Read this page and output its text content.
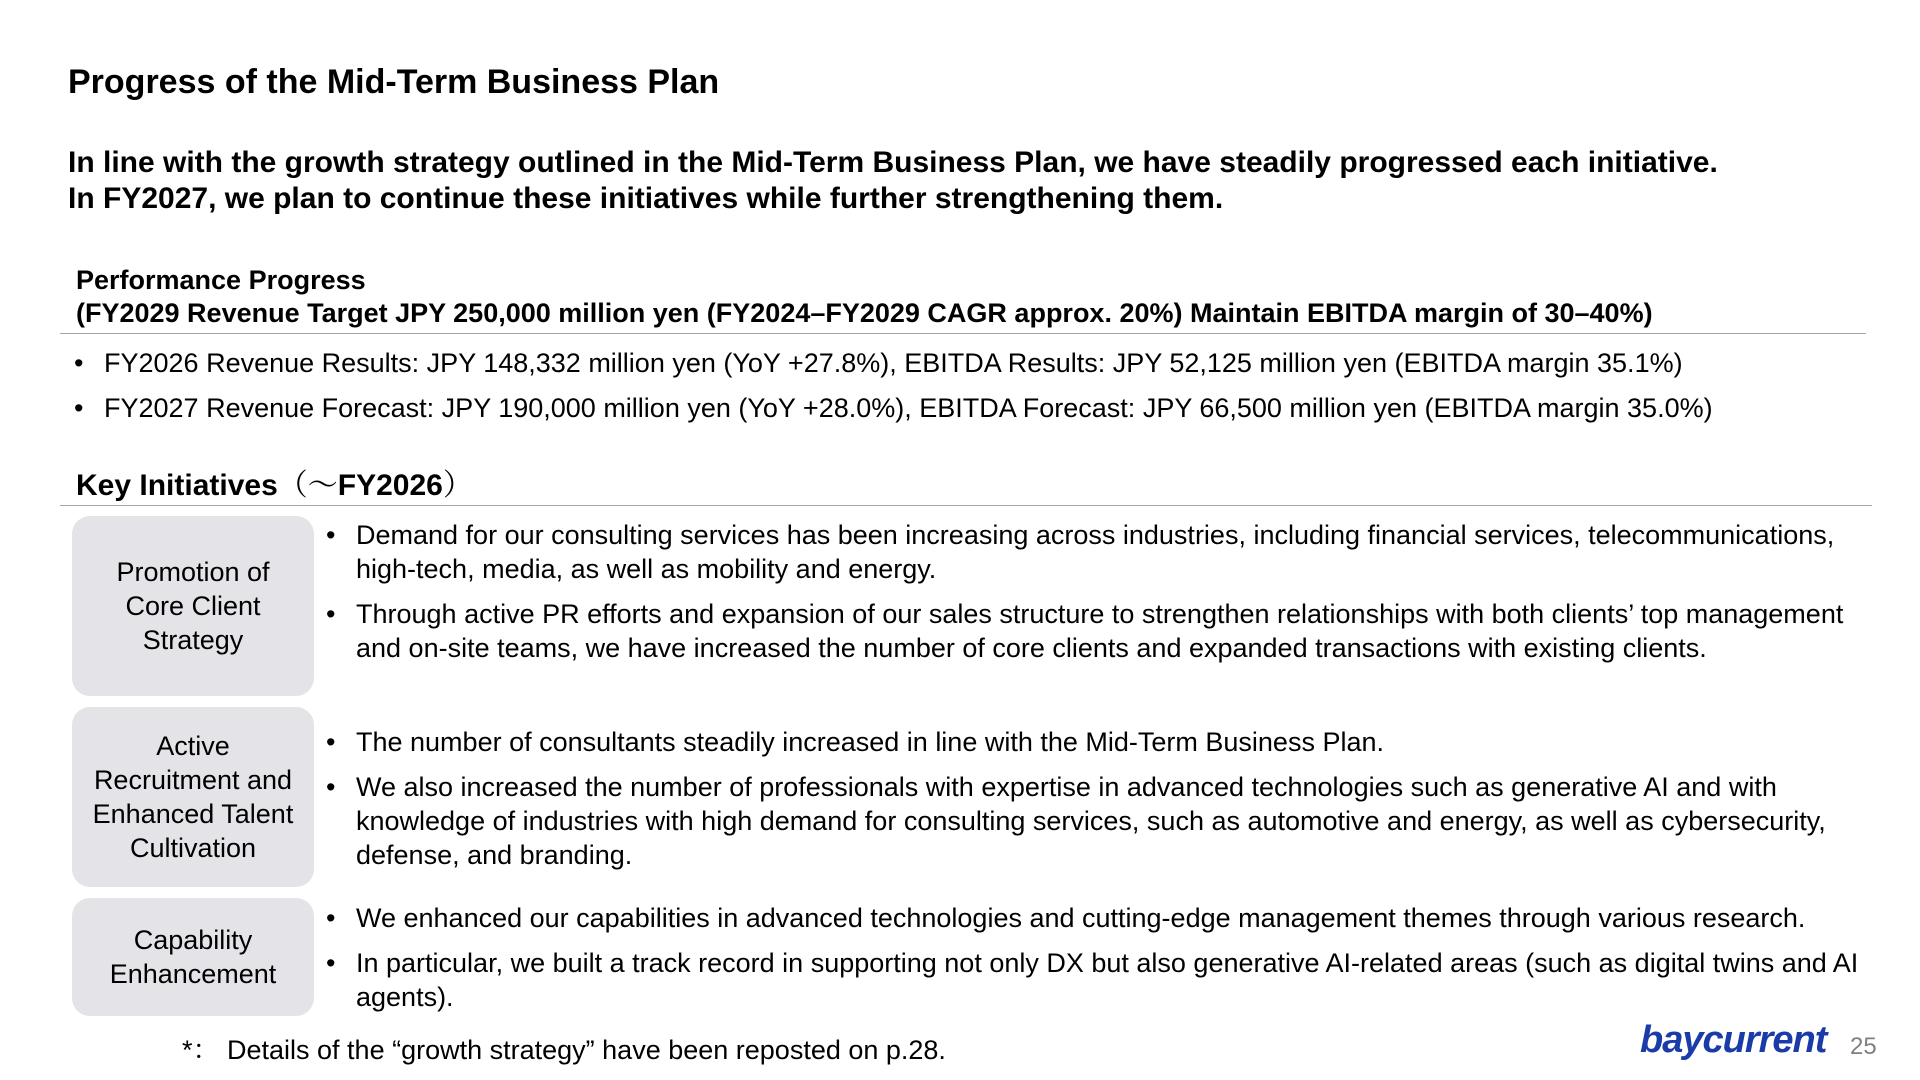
Progress of the Mid-Term Business Plan
In line with the growth strategy outlined in the Mid-Term Business Plan, we have steadily progressed each initiative.
In FY2027, we plan to continue these initiatives while further strengthening them.
Performance Progress
(FY2029 Revenue Target JPY 250,000 million yen (FY2024–FY2029 CAGR approx. 20%) Maintain EBITDA margin of 30–40%)
• FY2026 Revenue Results: JPY 148,332 million yen (YoY +27.8%), EBITDA Results: JPY 52,125 million yen (EBITDA margin 35.1%)
• FY2027 Revenue Forecast: JPY 190,000 million yen (YoY +28.0%), EBITDA Forecast: JPY 66,500 million yen (EBITDA margin 35.0%)
Key Initiatives（～FY2026）
Promotion of
Core Client
Strategy
• Demand for our consulting services has been increasing across industries, including financial services, telecommunications, high-tech, media, as well as mobility and energy.
• Through active PR efforts and expansion of our sales structure to strengthen relationships with both clients’ top management and on-site teams, we have increased the number of core clients and expanded transactions with existing clients.
Active
Recruitment and
Enhanced Talent
Cultivation
• The number of consultants steadily increased in line with the Mid-Term Business Plan.
• We also increased the number of professionals with expertise in advanced technologies such as generative AI and with knowledge of industries with high demand for consulting services, such as automotive and energy, as well as cybersecurity, defense, and branding.
Capability
Enhancement
• We enhanced our capabilities in advanced technologies and cutting-edge management themes through various research.
• In particular, we built a track record in supporting not only DX but also generative AI-related areas (such as digital twins and AI agents).
*： Details of the “growth strategy” have been reposted on p.28.	baycurrent 25
